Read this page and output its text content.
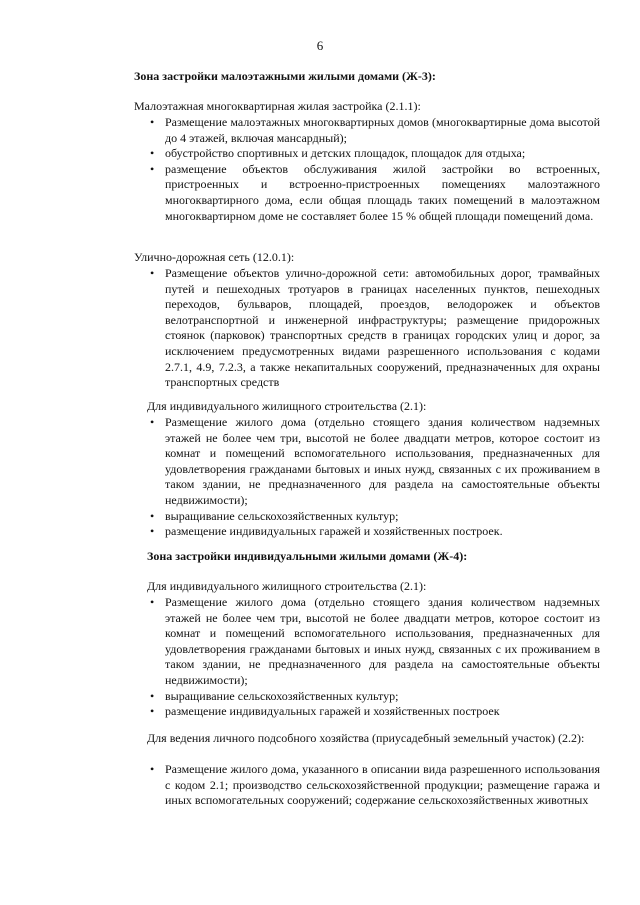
6

Зона застройки малоэтажными жилыми домами (Ж-3):

Малоэтажная многоквартирная жилая застройка (2.1.1):

• Размещение малоэтажных многоквартирных домов (многоквартирные дома высотой до 4 этажей, включая мансардный);
• обустройство спортивных и детских площадок, площадок для отдыха;
• размещение объектов обслуживания жилой застройки во встроенных, пристроенных и встроенно-пристроенных помещениях малоэтажного многоквартирного дома, если общая площадь таких помещений в малоэтажном многоквартирном доме не составляет более 15 % общей площади помещений дома.

Улично-дорожная сеть (12.0.1):

• Размещение объектов улично-дорожной сети: автомобильных дорог, трамвайных путей и пешеходных тротуаров в границах населенных пунктов, пешеходных переходов, бульваров, площадей, проездов, велодорожек и объектов велотранспортной и инженерной инфраструктуры; размещение придорожных стоянок (парковок) транспортных средств в границах городских улиц и дорог, за исключением предусмотренных видами разрешенного использования с кодами 2.7.1, 4.9, 7.2.3, а также некапитальных сооружений, предназначенных для охраны транспортных средств

Для индивидуального жилищного строительства (2.1):

• Размещение жилого дома (отдельно стоящего здания количеством надземных этажей не более чем три, высотой не более двадцати метров, которое состоит из комнат и помещений вспомогательного использования, предназначенных для удовлетворения гражданами бытовых и иных нужд, связанных с их проживанием в таком здании, не предназначенного для раздела на самостоятельные объекты недвижимости);
• выращивание сельскохозяйственных культур;
• размещение индивидуальных гаражей и хозяйственных построек.

Зона застройки индивидуальными жилыми домами (Ж-4):

Для индивидуального жилищного строительства (2.1):

• Размещение жилого дома (отдельно стоящего здания количеством надземных этажей не более чем три, высотой не более двадцати метров, которое состоит из комнат и помещений вспомогательного использования, предназначенных для удовлетворения гражданами бытовых и иных нужд, связанных с их проживанием в таком здании, не предназначенного для раздела на самостоятельные объекты недвижимости);
• выращивание сельскохозяйственных культур;
• размещение индивидуальных гаражей и хозяйственных построек

Для ведения личного подсобного хозяйства (приусадебный земельный участок) (2.2):

• Размещение жилого дома, указанного в описании вида разрешенного использования с кодом 2.1; производство сельскохозяйственной продукции; размещение гаража и иных вспомогательных сооружений; содержание сельскохозяйственных животных
